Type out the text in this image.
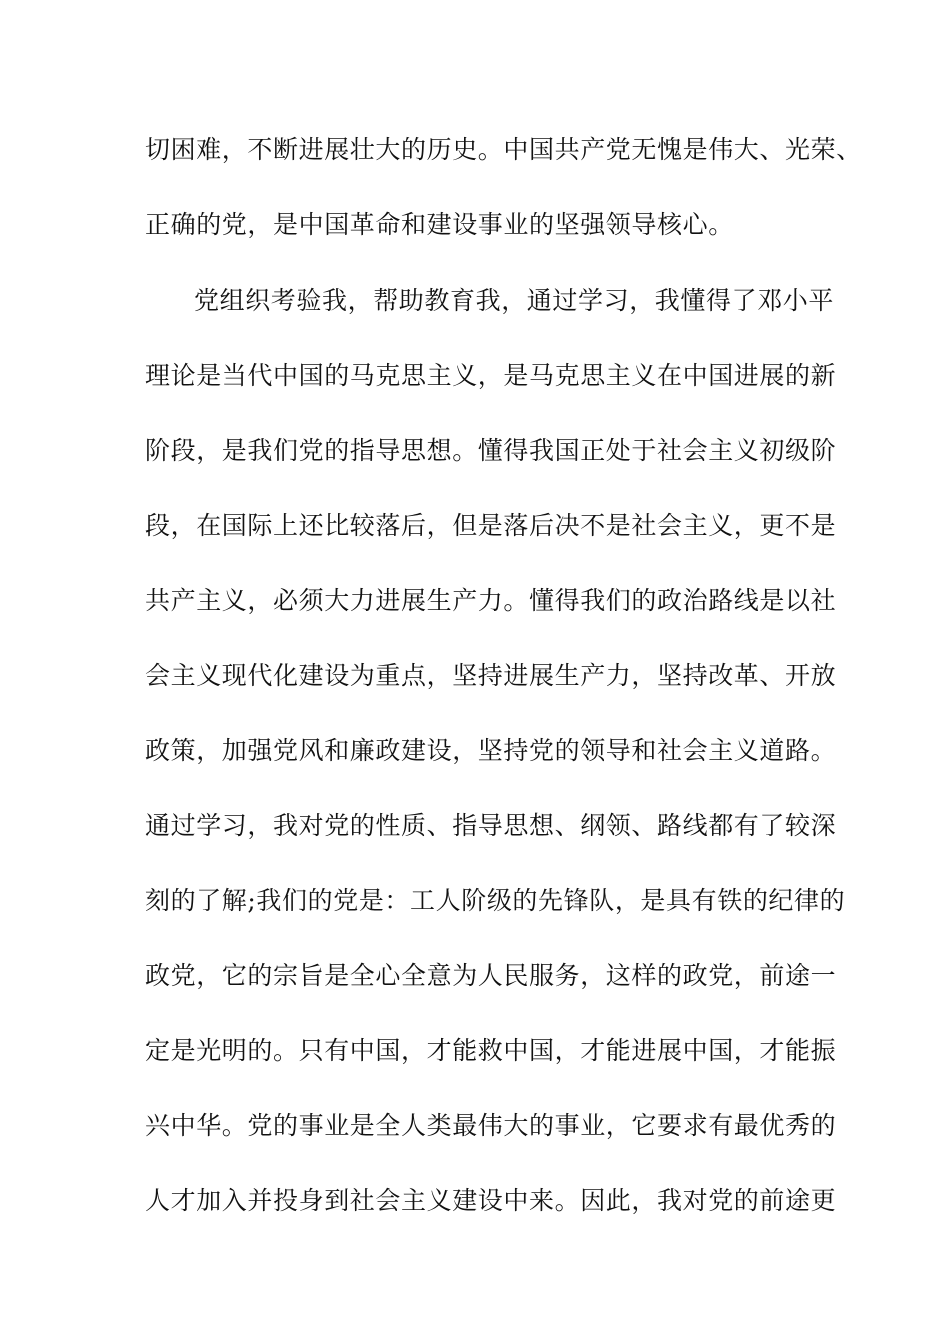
切困难，不断进展壮大的历史。中国共产党无愧是伟大、光荣、
正确的党，是中国革命和建设事业的坚强领导核心。
党组织考验我，帮助教育我，通过学习，我懂得了邓小平
理论是当代中国的马克思主义，是马克思主义在中国进展的新
阶段，是我们党的指导思想。懂得我国正处于社会主义初级阶
段，在国际上还比较落后，但是落后决不是社会主义，更不是
共产主义，必须大力进展生产力。懂得我们的政治路线是以社
会主义现代化建设为重点，坚持进展生产力，坚持改革、开放
政策，加强党风和廉政建设，坚持党的领导和社会主义道路。
通过学习，我对党的性质、指导思想、纲领、路线都有了较深
刻的了解;我们的党是：工人阶级的先锋队，是具有铁的纪律的
政党，它的宗旨是全心全意为人民服务，这样的政党，前途一
定是光明的。只有中国，才能救中国，才能进展中国，才能振
兴中华。党的事业是全人类最伟大的事业，它要求有最优秀的
人才加入并投身到社会主义建设中来。因此，我对党的前途更
